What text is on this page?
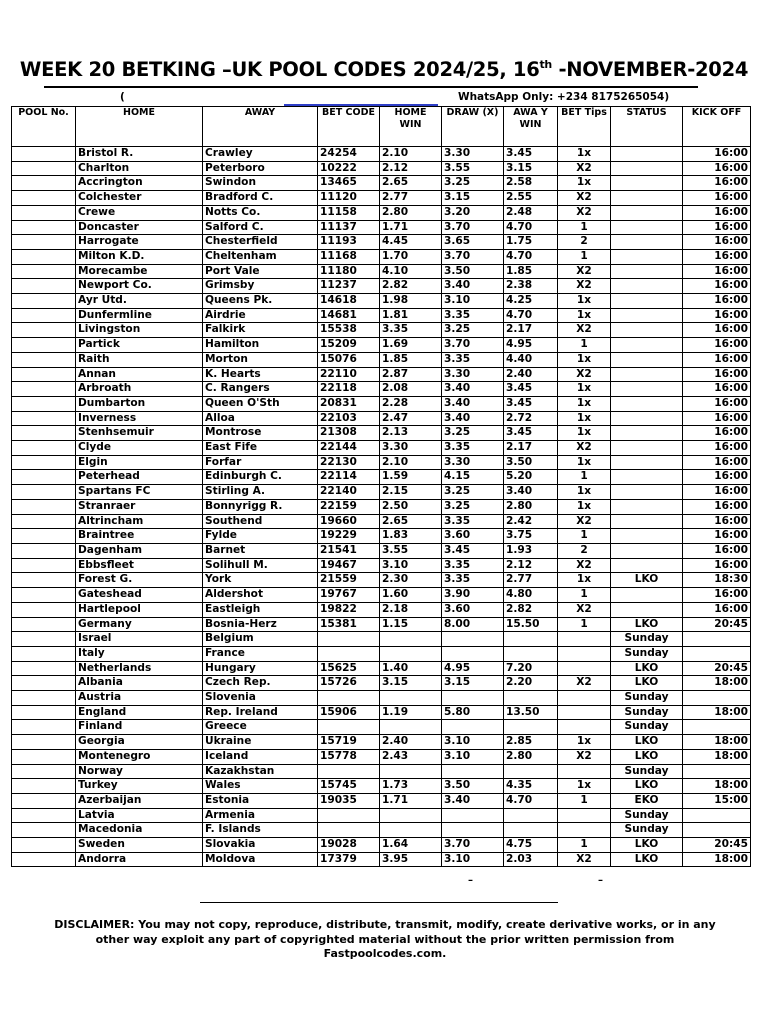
WEEK 20 BETKING –UK POOL CODES 2024/25, 16th -NOVEMBER-2024
(	WhatsApp Only: +234 8175265054)
POOL No.	HOME	AWAY	BET CODE	HOME WIN	DRAW (X)	AWA Y WIN	BET Tips	STATUS	KICK OFF
	Bristol R.	Crawley	24254	2.10	3.30	3.45	1x		16:00
	Charlton	Peterboro	10222	2.12	3.55	3.15	X2		16:00
	Accrington	Swindon	13465	2.65	3.25	2.58	1x		16:00
	Colchester	Bradford C.	11120	2.77	3.15	2.55	X2		16:00
	Crewe	Notts Co.	11158	2.80	3.20	2.48	X2		16:00
	Doncaster	Salford C.	11137	1.71	3.70	4.70	1		16:00
	Harrogate	Chesterfield	11193	4.45	3.65	1.75	2		16:00
	Milton K.D.	Cheltenham	11168	1.70	3.70	4.70	1		16:00
	Morecambe	Port Vale	11180	4.10	3.50	1.85	X2		16:00
	Newport Co.	Grimsby	11237	2.82	3.40	2.38	X2		16:00
	Ayr Utd.	Queens Pk.	14618	1.98	3.10	4.25	1x		16:00
	Dunfermline	Airdrie	14681	1.81	3.35	4.70	1x		16:00
	Livingston	Falkirk	15538	3.35	3.25	2.17	X2		16:00
	Partick	Hamilton	15209	1.69	3.70	4.95	1		16:00
	Raith	Morton	15076	1.85	3.35	4.40	1x		16:00
	Annan	K. Hearts	22110	2.87	3.30	2.40	X2		16:00
	Arbroath	C. Rangers	22118	2.08	3.40	3.45	1x		16:00
	Dumbarton	Queen O'Sth	20831	2.28	3.40	3.45	1x		16:00
	Inverness	Alloa	22103	2.47	3.40	2.72	1x		16:00
	Stenhsemuir	Montrose	21308	2.13	3.25	3.45	1x		16:00
	Clyde	East Fife	22144	3.30	3.35	2.17	X2		16:00
	Elgin	Forfar	22130	2.10	3.30	3.50	1x		16:00
	Peterhead	Edinburgh C.	22114	1.59	4.15	5.20	1		16:00
	Spartans FC	Stirling A.	22140	2.15	3.25	3.40	1x		16:00
	Stranraer	Bonnyrigg R.	22159	2.50	3.25	2.80	1x		16:00
	Altrincham	Southend	19660	2.65	3.35	2.42	X2		16:00
	Braintree	Fylde	19229	1.83	3.60	3.75	1		16:00
	Dagenham	Barnet	21541	3.55	3.45	1.93	2		16:00
	Ebbsfleet	Solihull M.	19467	3.10	3.35	2.12	X2		16:00
	Forest G.	York	21559	2.30	3.35	2.77	1x	LKO	18:30
	Gateshead	Aldershot	19767	1.60	3.90	4.80	1		16:00
	Hartlepool	Eastleigh	19822	2.18	3.60	2.82	X2		16:00
	Germany	Bosnia-Herz	15381	1.15	8.00	15.50	1	LKO	20:45
	Israel	Belgium						Sunday	
	Italy	France						Sunday	
	Netherlands	Hungary	15625	1.40	4.95	7.20		LKO	20:45
	Albania	Czech Rep.	15726	3.15	3.15	2.20	X2	LKO	18:00
	Austria	Slovenia						Sunday	
	England	Rep. Ireland	15906	1.19	5.80	13.50		Sunday	18:00
	Finland	Greece						Sunday	
	Georgia	Ukraine	15719	2.40	3.10	2.85	1x	LKO	18:00
	Montenegro	Iceland	15778	2.43	3.10	2.80	X2	LKO	18:00
	Norway	Kazakhstan						Sunday	
	Turkey	Wales	15745	1.73	3.50	4.35	1x	LKO	18:00
	Azerbaijan	Estonia	19035	1.71	3.40	4.70	1	EKO	15:00
	Latvia	Armenia						Sunday	
	Macedonia	F. Islands						Sunday	
	Sweden	Slovakia	19028	1.64	3.70	4.75	1	LKO	20:45
	Andorra	Moldova	17379	3.95	3.10	2.03	X2	LKO	18:00
–	–
DISCLAIMER: You may not copy, reproduce, distribute, transmit, modify, create derivative works, or in any other way exploit any part of copyrighted material without the prior written permission from Fastpoolcodes.com.
